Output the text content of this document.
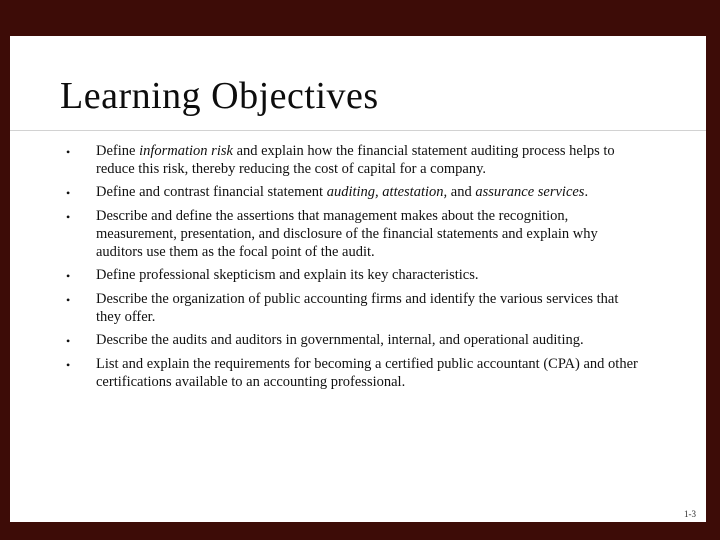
Learning Objectives
•	Define information risk and explain how the financial statement auditing process helps to reduce this risk, thereby reducing the cost of capital for a company.
•	Define and contrast financial statement auditing, attestation, and assurance services.
•	Describe and define the assertions that management makes about the recognition, measurement, presentation, and disclosure of the financial statements and explain why auditors use them as the focal point of the audit.
•	Define professional skepticism and explain its key characteristics.
•	Describe the organization of public accounting firms and identify the various services that they offer.
•	Describe the audits and auditors in governmental, internal, and operational auditing.
•	List and explain the requirements for becoming a certified public accountant (CPA) and other certifications available to an accounting professional.
1-3
